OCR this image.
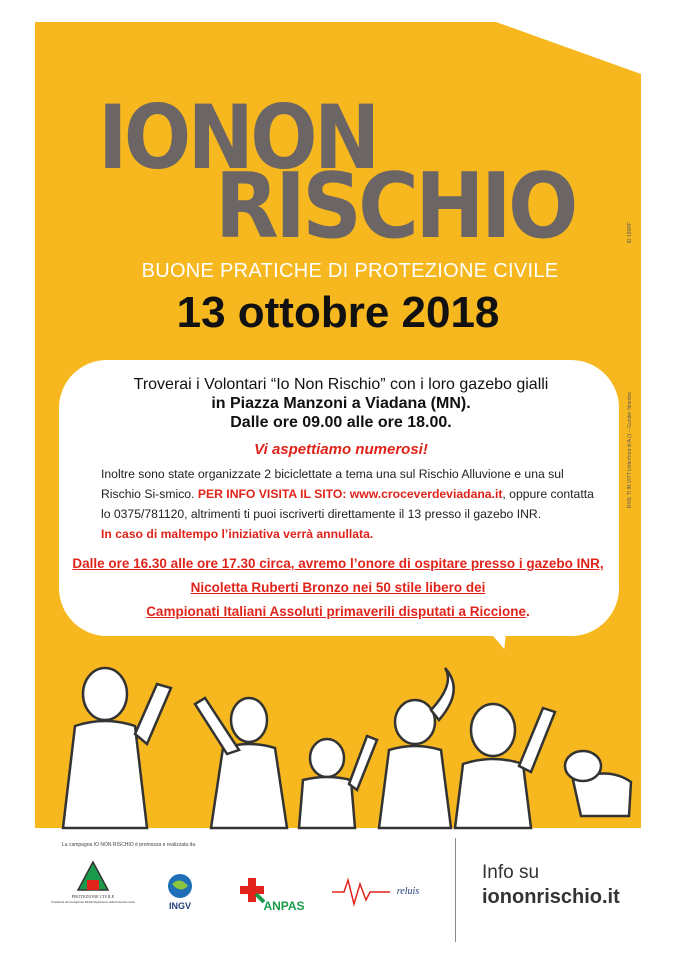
IONON
RISCHIO	ID 190RF
RIVE TI IN VITT Unterfront di A (1 – Gunder fitnenbe
BUONE PRATICHE DI PROTEZIONE CIVILE
13 ottobre 2018
Troverai i Volontari “Io Non Rischio” con i loro gazebo gialli
in Piazza Manzoni a Viadana (MN).
Dalle ore 09.00 alle ore 18.00.
Vi aspettiamo numerosi!
Inoltre sono state organizzate 2 biciclettate a tema una sul Rischio Alluvione e una sul Rischio Si-smico. PER INFO VISITA IL SITO: www.croceverdeviadana.it, oppure contatta lo 0375/781120, altrimenti ti puoi iscriverti direttamente il 13 presso il gazebo INR.
In caso di maltempo l’iniziativa verrà annullata.
Dalle ore 16.30 alle ore 17.30 circa, avremo l’onore di ospitare presso i gazebo INR,
Nicoletta Ruberti Bronzo nei 50 stile libero dei
Campionati Italiani Assoluti primaverili disputati a Riccione.
La campagna IO NON RISCHIO è promossa e realizzata da
PROTEZIONE CIVILE
Presidenza del Consiglio dei Ministri Dipartimento della Protezione Civile	INGV	ANPAS
reluis
Info su
iononrischio.it
